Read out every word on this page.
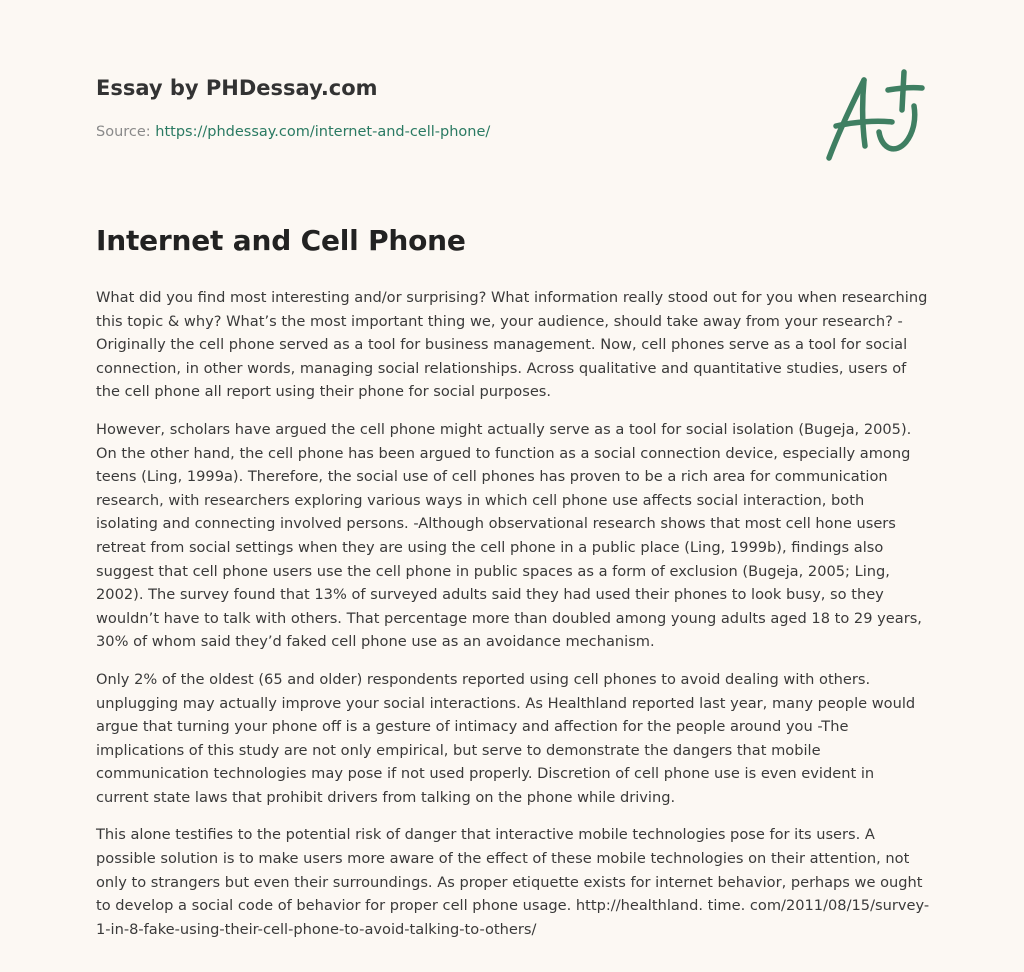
Essay by PHDessay.com
Source: https://phdessay.com/internet-and-cell-phone/
Internet and Cell Phone

What did you find most interesting and/or surprising? What information really stood out for you when researching this topic & why? What’s the most important thing we, your audience, should take away from your research? -Originally the cell phone served as a tool for business management. Now, cell phones serve as a tool for social connection, in other words, managing social relationships. Across qualitative and quantitative studies, users of the cell phone all report using their phone for social purposes.

However, scholars have argued the cell phone might actually serve as a tool for social isolation (Bugeja, 2005). On the other hand, the cell phone has been argued to function as a social connection device, especially among teens (Ling, 1999a). Therefore, the social use of cell phones has proven to be a rich area for communication research, with researchers exploring various ways in which cell phone use affects social interaction, both isolating and connecting involved persons. -Although observational research shows that most cell hone users retreat from social settings when they are using the cell phone in a public place (Ling, 1999b), findings also suggest that cell phone users use the cell phone in public spaces as a form of exclusion (Bugeja, 2005; Ling, 2002). The survey found that 13% of surveyed adults said they had used their phones to look busy, so they wouldn’t have to talk with others. That percentage more than doubled among young adults aged 18 to 29 years, 30% of whom said they’d faked cell phone use as an avoidance mechanism.

Only 2% of the oldest (65 and older) respondents reported using cell phones to avoid dealing with others. unplugging may actually improve your social interactions. As Healthland reported last year, many people would argue that turning your phone off is a gesture of intimacy and affection for the people around you -The implications of this study are not only empirical, but serve to demonstrate the dangers that mobile communication technologies may pose if not used properly. Discretion of cell phone use is even evident in current state laws that prohibit drivers from talking on the phone while driving.

This alone testifies to the potential risk of danger that interactive mobile technologies pose for its users. A possible solution is to make users more aware of the effect of these mobile technologies on their attention, not only to strangers but even their surroundings. As proper etiquette exists for internet behavior, perhaps we ought to develop a social code of behavior for proper cell phone usage. http://healthland. time. com/2011/08/15/survey-1-in-8-fake-using-their-cell-phone-to-avoid-talking-to-others/
